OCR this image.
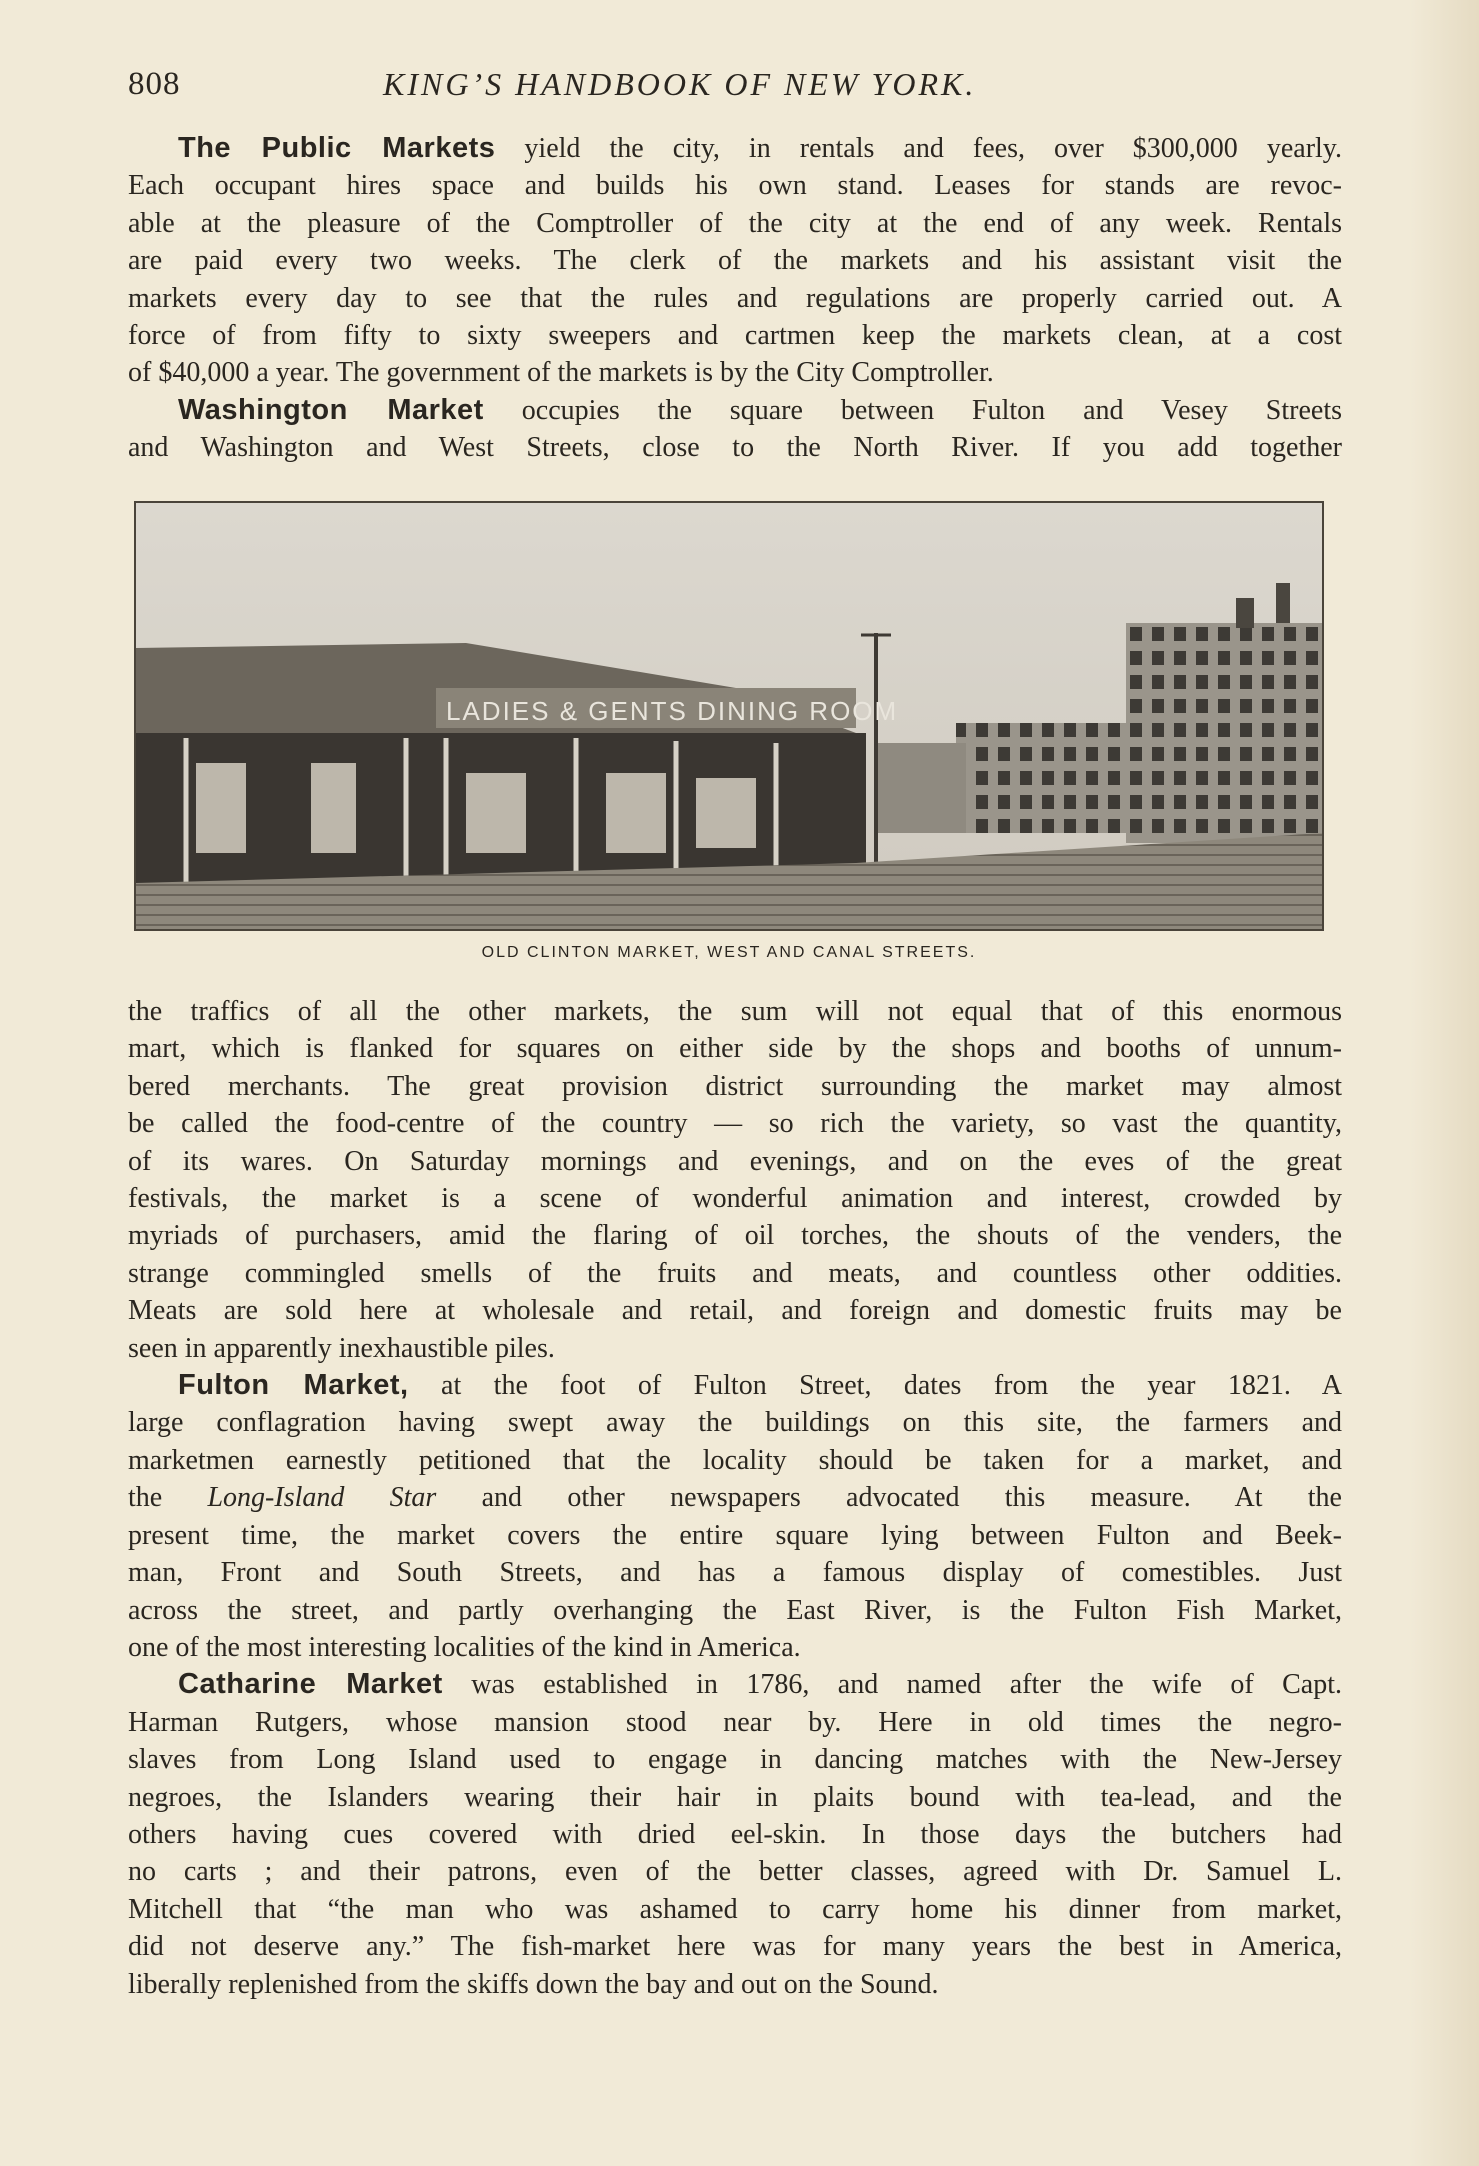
808	KING’S HANDBOOK OF NEW YORK.

The Public Markets yield the city, in rentals and fees, over $300,000 yearly.
Each occupant hires space and builds his own stand. Leases for stands are revoc-
able at the pleasure of the Comptroller of the city at the end of any week. Rentals
are paid every two weeks. The clerk of the markets and his assistant visit the
markets every day to see that the rules and regulations are properly carried out. A
force of from fifty to sixty sweepers and cartmen keep the markets clean, at a cost

of $40,000 a year. The government of the markets is by the City Comptroller.

Washington Market occupies the square between Fulton and Vesey Streets
and Washington and West Streets, close to the North River. If you add together

LADIES & GENTS DINING ROOM
OLD CLINTON MARKET, WEST AND CANAL STREETS.

the traffics of all the other markets, the sum will not equal that of this enormous
mart, which is flanked for squares on either side by the shops and booths of unnum-
bered merchants. The great provision district surrounding the market may almost
be called the food-centre of the country — so rich the variety, so vast the quantity,
of its wares. On Saturday mornings and evenings, and on the eves of the great
festivals, the market is a scene of wonderful animation and interest, crowded by
myriads of purchasers, amid the flaring of oil torches, the shouts of the venders, the
strange commingled smells of the fruits and meats, and countless other oddities.
Meats are sold here at wholesale and retail, and foreign and domestic fruits may be

seen in apparently inexhaustible piles.

Fulton Market, at the foot of Fulton Street, dates from the year 1821. A
large conflagration having swept away the buildings on this site, the farmers and
marketmen earnestly petitioned that the locality should be taken for a market, and
the Long-Island Star and other newspapers advocated this measure. At the
present time, the market covers the entire square lying between Fulton and Beek-
man, Front and South Streets, and has a famous display of comestibles. Just
across the street, and partly overhanging the East River, is the Fulton Fish Market,

one of the most interesting localities of the kind in America.

Catharine Market was established in 1786, and named after the wife of Capt.
Harman Rutgers, whose mansion stood near by. Here in old times the negro-
slaves from Long Island used to engage in dancing matches with the New-Jersey
negroes, the Islanders wearing their hair in plaits bound with tea-lead, and the
others having cues covered with dried eel-skin. In those days the butchers had
no carts ; and their patrons, even of the better classes, agreed with Dr. Samuel L.
Mitchell that “the man who was ashamed to carry home his dinner from market,
did not deserve any.” The fish-market here was for many years the best in America,

liberally replenished from the skiffs down the bay and out on the Sound.
